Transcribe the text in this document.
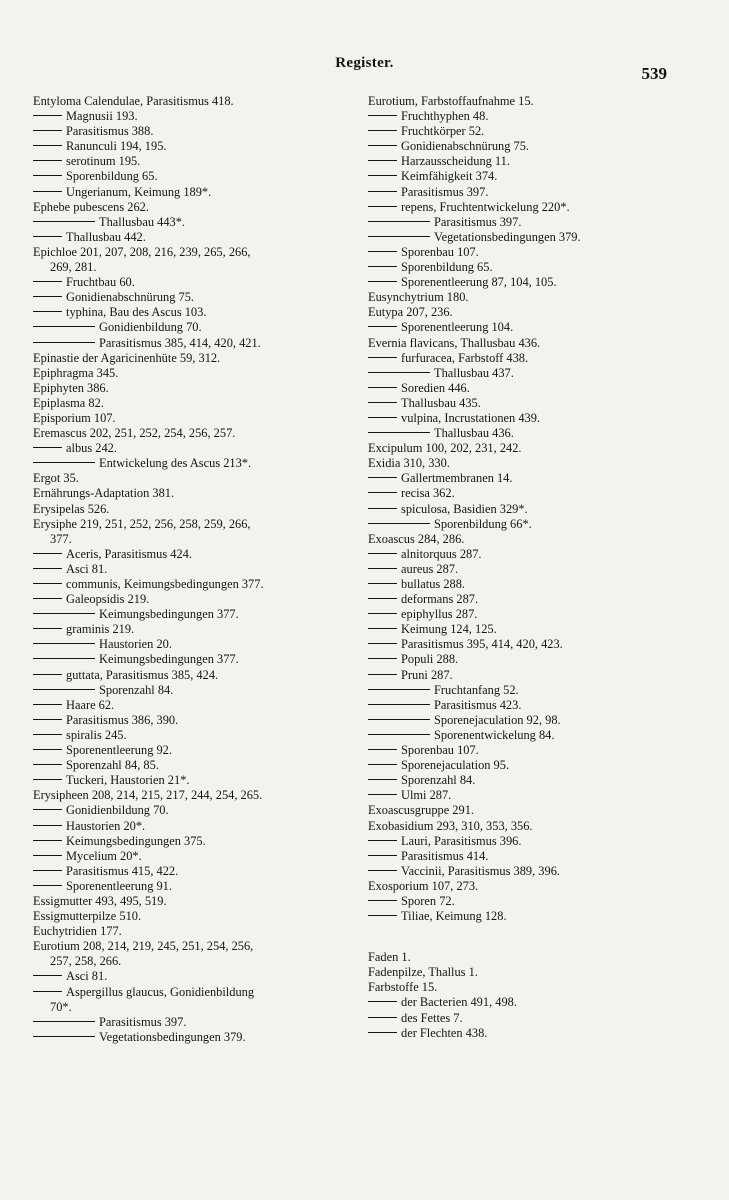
Register.
539
Entyloma Calendulae, Parasitismus 418.
Magnusii 193.
Parasitismus 388.
Ranunculi 194, 195.
serotinum 195.
Sporenbildung 65.
Ungerianum, Keimung 189*.
Ephebe pubescens 262.
Thallusbau 443*.
Thallusbau 442.
Epichloe 201, 207, 208, 216, 239, 265, 266,
269, 281.
Fruchtbau 60.
Gonidienabschnürung 75.
typhina, Bau des Ascus 103.
Gonidienbildung 70.
Parasitismus 385, 414, 420, 421.
Epinastie der Agaricinenhüte 59, 312.
Epiphragma 345.
Epiphyten 386.
Epiplasma 82.
Episporium 107.
Eremascus 202, 251, 252, 254, 256, 257.
albus 242.
Entwickelung des Ascus 213*.
Ergot 35.
Ernährungs-Adaptation 381.
Erysipelas 526.
Erysiphe 219, 251, 252, 256, 258, 259, 266,
377.
Aceris, Parasitismus 424.
Asci 81.
communis, Keimungsbedingungen 377.
Galeopsidis 219.
Keimungsbedingungen 377.
graminis 219.
Haustorien 20.
Keimungsbedingungen 377.
guttata, Parasitismus 385, 424.
Sporenzahl 84.
Haare 62.
Parasitismus 386, 390.
spiralis 245.
Sporenentleerung 92.
Sporenzahl 84, 85.
Tuckeri, Haustorien 21*.
Erysipheen 208, 214, 215, 217, 244, 254, 265.
Gonidienbildung 70.
Haustorien 20*.
Keimungsbedingungen 375.
Mycelium 20*.
Parasitismus 415, 422.
Sporenentleerung 91.
Essigmutter 493, 495, 519.
Essigmutterpilze 510.
Euchytridien 177.
Eurotium 208, 214, 219, 245, 251, 254, 256,
257, 258, 266.
Asci 81.
Aspergillus glaucus, Gonidienbildung
70*.
Parasitismus 397.
Vegetationsbedingungen 379.
Eurotium, Farbstoffaufnahme 15.
Fruchthyphen 48.
Fruchtkörper 52.
Gonidienabschnürung 75.
Harzausscheidung 11.
Keimfähigkeit 374.
Parasitismus 397.
repens, Fruchtentwickelung 220*.
Parasitismus 397.
Vegetationsbedingungen 379.
Sporenbau 107.
Sporenbildung 65.
Sporenentleerung 87, 104, 105.
Eusynchytrium 180.
Eutypa 207, 236.
Sporenentleerung 104.
Evernia flavicans, Thallusbau 436.
furfuracea, Farbstoff 438.
Thallusbau 437.
Soredien 446.
Thallusbau 435.
vulpina, Incrustationen 439.
Thallusbau 436.
Excipulum 100, 202, 231, 242.
Exidia 310, 330.
Gallertmembranen 14.
recisa 362.
spiculosa, Basidien 329*.
Sporenbildung 66*.
Exoascus 284, 286.
alnitorquus 287.
aureus 287.
bullatus 288.
deformans 287.
epiphyllus 287.
Keimung 124, 125.
Parasitismus 395, 414, 420, 423.
Populi 288.
Pruni 287.
Fruchtanfang 52.
Parasitismus 423.
Sporenejaculation 92, 98.
Sporenentwickelung 84.
Sporenbau 107.
Sporenejaculation 95.
Sporenzahl 84.
Ulmi 287.
Exoascusgruppe 291.
Exobasidium 293, 310, 353, 356.
Lauri, Parasitismus 396.
Parasitismus 414.
Vaccinii, Parasitismus 389, 396.
Exosporium 107, 273.
Sporen 72.
Tiliae, Keimung 128.
Faden 1.
Fadenpilze, Thallus 1.
Farbstoffe 15.
der Bacterien 491, 498.
des Fettes 7.
der Flechten 438.
